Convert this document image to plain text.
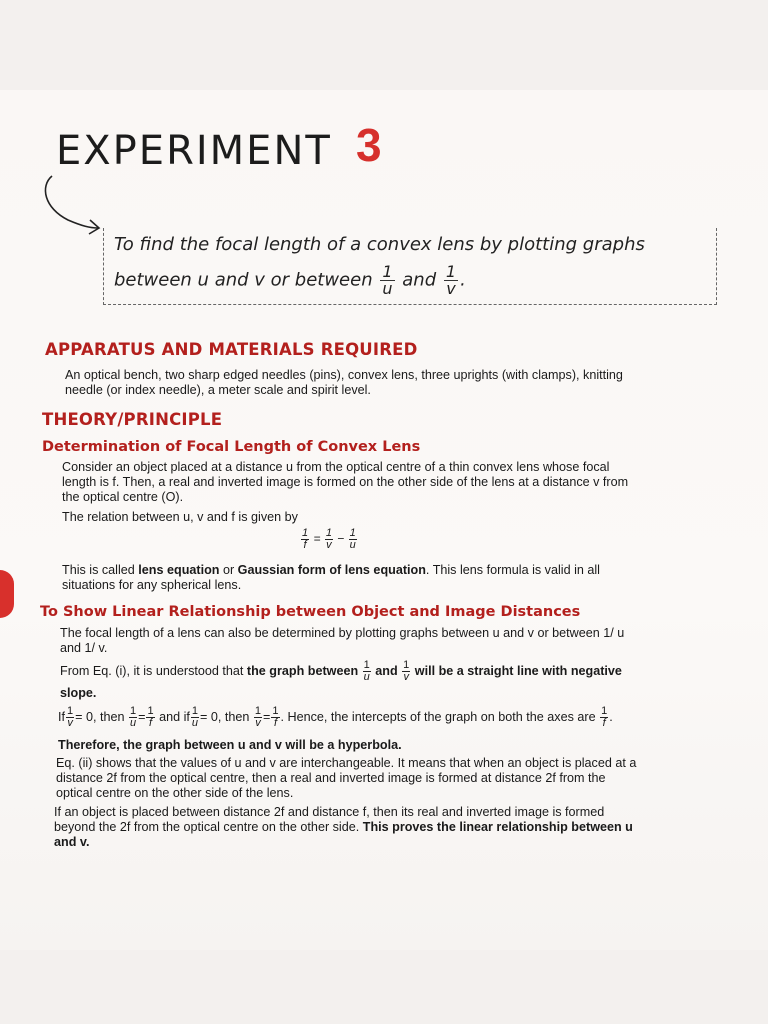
EXPERIMENT 3
To find the focal length of a convex lens by plotting graphs
between u and v or between $\frac{1}{u}$ and $\frac{1}{v}$ .
APPARATUS AND MATERIALS REQUIRED
An optical bench, two sharp edged needles (pins), convex lens, three uprights (with clamps), knitting
needle (or index needle), a meter scale and spirit level.
THEORY/PRINCIPLE
Determination of Focal Length of Convex Lens
Consider an object placed at a distance u from the optical centre of a thin convex lens whose focal
length is f. Then, a real and inverted image is formed on the other side of the lens at a distance v from
the optical centre (O).
The relation between u, v and f is given by
$\frac{1}{f} = \frac{1}{v} - \frac{1}{u}$
This is called lens equation or Gaussian form of lens equation. This lens formula is valid in all
situations for any spherical lens.
To Show Linear Relationship between Object and Image Distances
The focal length of a lens can also be determined by plotting graphs between u and v or between 1/ u
and 1/ v.
From Eq. (i), it is understood that the graph between $\frac{1}{u}$ and $\frac{1}{v}$ will be a straight line with negative
slope.
If $\frac{1}{v} = 0$, then $\frac{1}{u} = \frac{1}{f}$ and if $\frac{1}{u} = 0$, then $\frac{1}{v} = \frac{1}{f}$ . Hence, the intercepts of the graph on both the axes are $\frac{1}{f}$ .
Therefore, the graph between u and v will be a hyperbola.
Eq. (ii) shows that the values of u and v are interchangeable. It means that when an object is placed at a
distance 2f from the optical centre, then a real and inverted image is formed at distance 2f from the
optical centre on the other side of the lens.
If an object is placed between distance 2f and distance f, then its real and inverted image is formed
beyond the 2f from the optical centre on the other side. This proves the linear relationship between u
and v.
